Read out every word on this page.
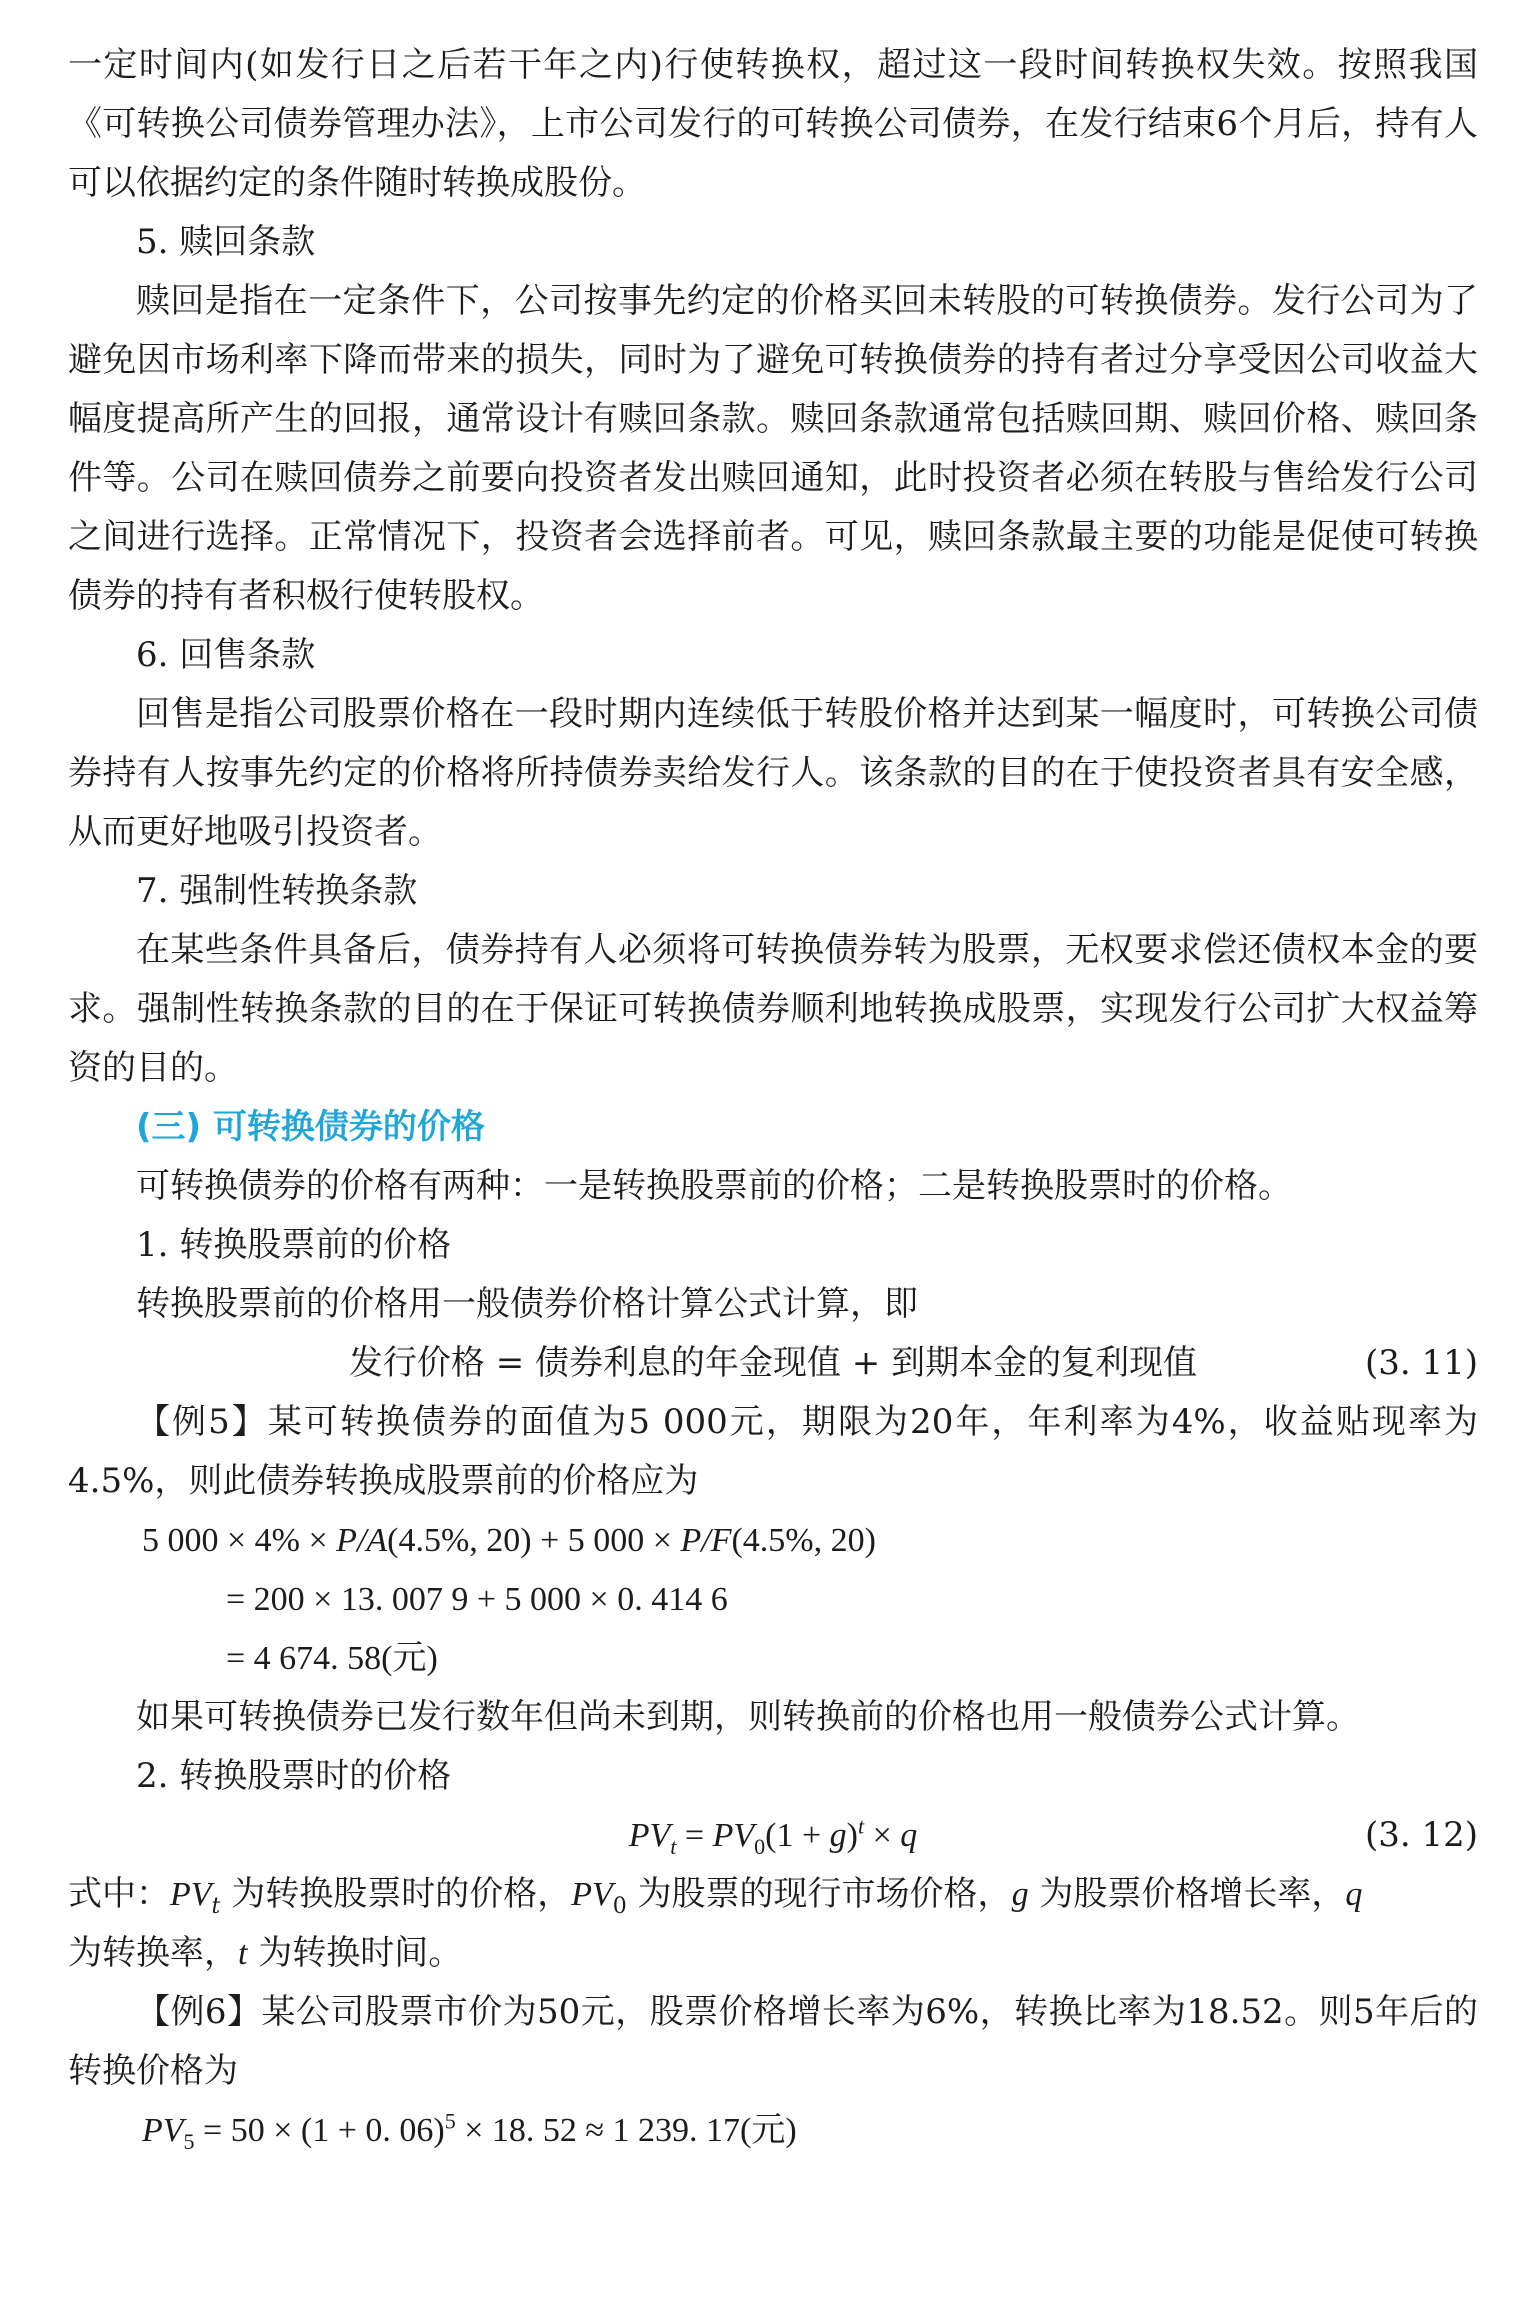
一定时间内(如发行日之后若干年之内)行使转换权，超过这一段时间转换权失效。按照我国《可转换公司债券管理办法》，上市公司发行的可转换公司债券，在发行结束6个月后，持有人可以依据约定的条件随时转换成股份。

5. 赎回条款

赎回是指在一定条件下，公司按事先约定的价格买回未转股的可转换债券。发行公司为了避免因市场利率下降而带来的损失，同时为了避免可转换债券的持有者过分享受因公司收益大幅度提高所产生的回报，通常设计有赎回条款。赎回条款通常包括赎回期、赎回价格、赎回条件等。公司在赎回债券之前要向投资者发出赎回通知，此时投资者必须在转股与售给发行公司之间进行选择。正常情况下，投资者会选择前者。可见，赎回条款最主要的功能是促使可转换债券的持有者积极行使转股权。

6. 回售条款

回售是指公司股票价格在一段时期内连续低于转股价格并达到某一幅度时，可转换公司债券持有人按事先约定的价格将所持债券卖给发行人。该条款的目的在于使投资者具有安全感，从而更好地吸引投资者。

7. 强制性转换条款

在某些条件具备后，债券持有人必须将可转换债券转为股票，无权要求偿还债权本金的要求。强制性转换条款的目的在于保证可转换债券顺利地转换成股票，实现发行公司扩大权益筹资的目的。

(三) 可转换债券的价格

可转换债券的价格有两种：一是转换股票前的价格；二是转换股票时的价格。

1. 转换股票前的价格

转换股票前的价格用一般债券价格计算公式计算，即

发行价格 = 债券利息的年金现值 + 到期本金的复利现值	(3. 11)

【例5】某可转换债券的面值为5 000元，期限为20年，年利率为4%，收益贴现率为4.5%，则此债券转换成股票前的价格应为

5 000 × 4% × P/A(4.5%, 20) + 5 000 × P/F(4.5%, 20)

= 200 × 13. 007 9 + 5 000 × 0. 414 6

= 4 674. 58(元)

如果可转换债券已发行数年但尚未到期，则转换前的价格也用一般债券公式计算。

2. 转换股票时的价格

$PV_t = PV_0(1 + g)^t \times q$	(3. 12)

式中：$PV_t$ 为转换股票时的价格，$PV_0$ 为股票的现行市场价格，g 为股票价格增长率，q
为转换率，t 为转换时间。

【例6】某公司股票市价为50元，股票价格增长率为6%，转换比率为18.52。则5年后的转换价格为

$PV_5 = 50 \times (1 + 0$. 06)$^5$ × 18. 52 ≈ 1 239. 17(元)
